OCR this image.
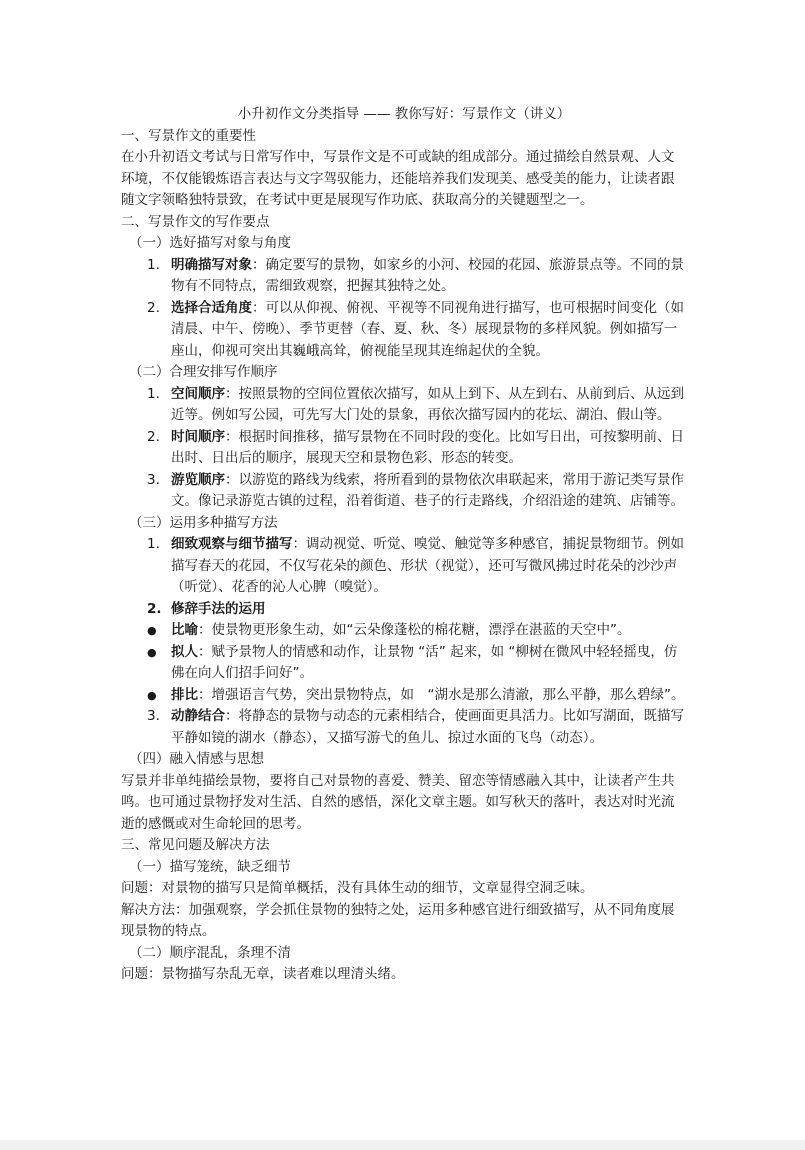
小升初作文分类指导 —— 教你写好：写景作文（讲义）

一、写景作文的重要性

在小升初语文考试与日常写作中，写景作文是不可或缺的组成部分。通过描绘自然景观、人文环境，不仅能锻炼语言表达与文字驾驭能力，还能培养我们发现美、感受美的能力，让读者跟随文字领略独特景致，在考试中更是展现写作功底、获取高分的关键题型之一。

二、写景作文的写作要点

（一）选好描写对象与角度

1. 明确描写对象：确定要写的景物，如家乡的小河、校园的花园、旅游景点等。不同的景物有不同特点，需细致观察，把握其独特之处。

2. 选择合适角度：可以从仰视、俯视、平视等不同视角进行描写，也可根据时间变化（如清晨、中午、傍晚）、季节更替（春、夏、秋、冬）展现景物的多样风貌。例如描写一座山，仰视可突出其巍峨高耸，俯视能呈现其连绵起伏的全貌。

（二）合理安排写作顺序

1. 空间顺序：按照景物的空间位置依次描写，如从上到下、从左到右、从前到后、从远到近等。例如写公园，可先写大门处的景象，再依次描写园内的花坛、湖泊、假山等。

2. 时间顺序：根据时间推移，描写景物在不同时段的变化。比如写日出，可按黎明前、日出时、日出后的顺序，展现天空和景物色彩、形态的转变。

3. 游览顺序：以游览的路线为线索，将所看到的景物依次串联起来，常用于游记类写景作文。像记录游览古镇的过程，沿着街道、巷子的行走路线，介绍沿途的建筑、店铺等。

（三）运用多种描写方法

1. 细致观察与细节描写：调动视觉、听觉、嗅觉、触觉等多种感官，捕捉景物细节。例如描写春天的花园，不仅写花朵的颜色、形状（视觉），还可写微风拂过时花朵的沙沙声（听觉）、花香的沁人心脾（嗅觉）。

2. 修辞手法的运用

● 比喻：使景物更形象生动，如“云朵像蓬松的棉花糖，漂浮在湛蓝的天空中”。

● 拟人：赋予景物人的情感和动作，让景物 “活” 起来，如 “柳树在微风中轻轻摇曳，仿佛在向人们招手问好”。

● 排比：增强语言气势，突出景物特点，如　“湖水是那么清澈，那么平静，那么碧绿”。

3. 动静结合：将静态的景物与动态的元素相结合，使画面更具活力。比如写湖面，既描写平静如镜的湖水（静态），又描写游弋的鱼儿、掠过水面的飞鸟（动态）。

（四）融入情感与思想

写景并非单纯描绘景物，要将自己对景物的喜爱、赞美、留恋等情感融入其中，让读者产生共鸣。也可通过景物抒发对生活、自然的感悟，深化文章主题。如写秋天的落叶，表达对时光流逝的感慨或对生命轮回的思考。

三、常见问题及解决方法

（一）描写笼统，缺乏细节

问题：对景物的描写只是简单概括，没有具体生动的细节，文章显得空洞乏味。

解决方法：加强观察，学会抓住景物的独特之处，运用多种感官进行细致描写，从不同角度展现景物的特点。

（二）顺序混乱，条理不清

问题：景物描写杂乱无章，读者难以理清头绪。
